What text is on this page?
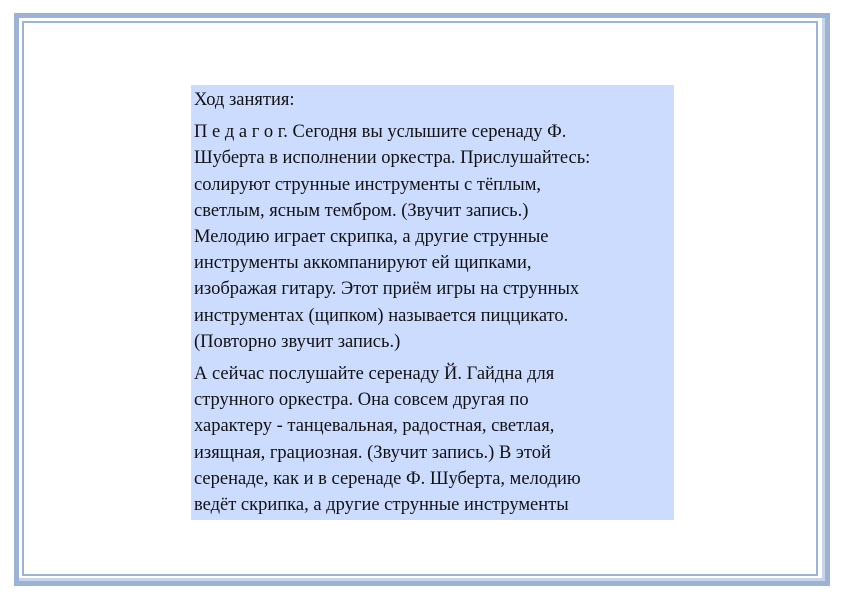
Ход занятия:

П е д а г о г. Сегодня вы услышите серенаду Ф.
Шуберта в исполнении оркестра. Прислушайтесь:
солируют струнные инструменты с тёплым,
светлым, ясным тембром. (Звучит запись.)
Мелодию играет скрипка, а другие струнные
инструменты аккомпанируют ей щипками,
изображая гитару. Этот приём игры на струнных
инструментах (щипком) называется пиццикато.
(Повторно звучит запись.)

А сейчас послушайте серенаду Й. Гайдна для
струнного оркестра. Она совсем другая по
характеру - танцевальная, радостная, светлая,
изящная, грациозная. (Звучит запись.) В этой
серенаде, как и в серенаде Ф. Шуберта, мелодию
ведёт скрипка, а другие струнные инструменты
